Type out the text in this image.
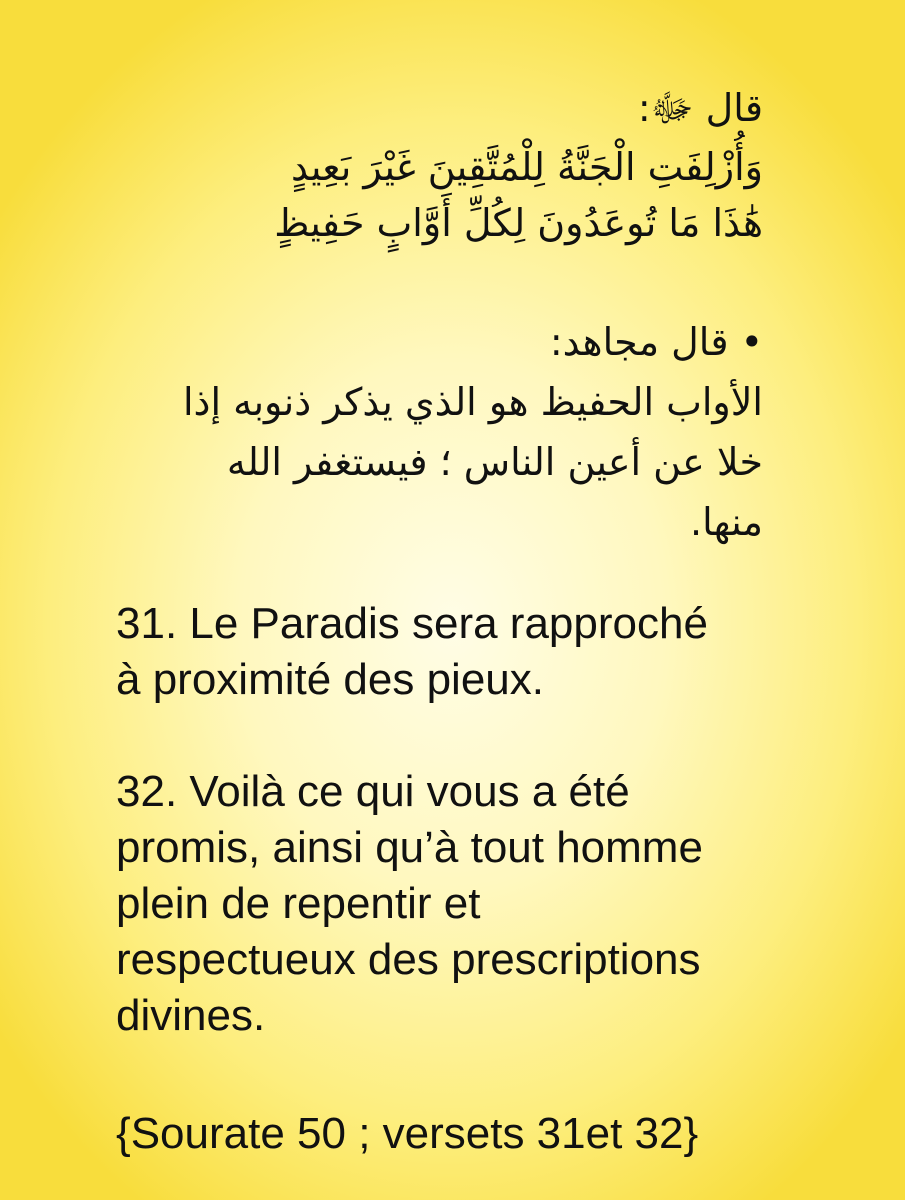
قال ﷻ:
وَأُزْلِفَتِ الْجَنَّةُ لِلْمُتَّقِينَ غَيْرَ بَعِيدٍ
هَٰذَا مَا تُوعَدُونَ لِكُلِّ أَوَّابٍ حَفِيظٍ
• قال مجاهد:
الأواب الحفيظ هو الذي يذكر ذنوبه إذا
خلا عن أعين الناس ؛ فيستغفر الله
منها.
31. Le Paradis sera rapproché
à proximité des pieux.
32. Voilà ce qui vous a été
promis, ainsi qu’à tout homme
plein de repentir et
respectueux des prescriptions
divines.
{Sourate 50 ; versets 31et 32}
